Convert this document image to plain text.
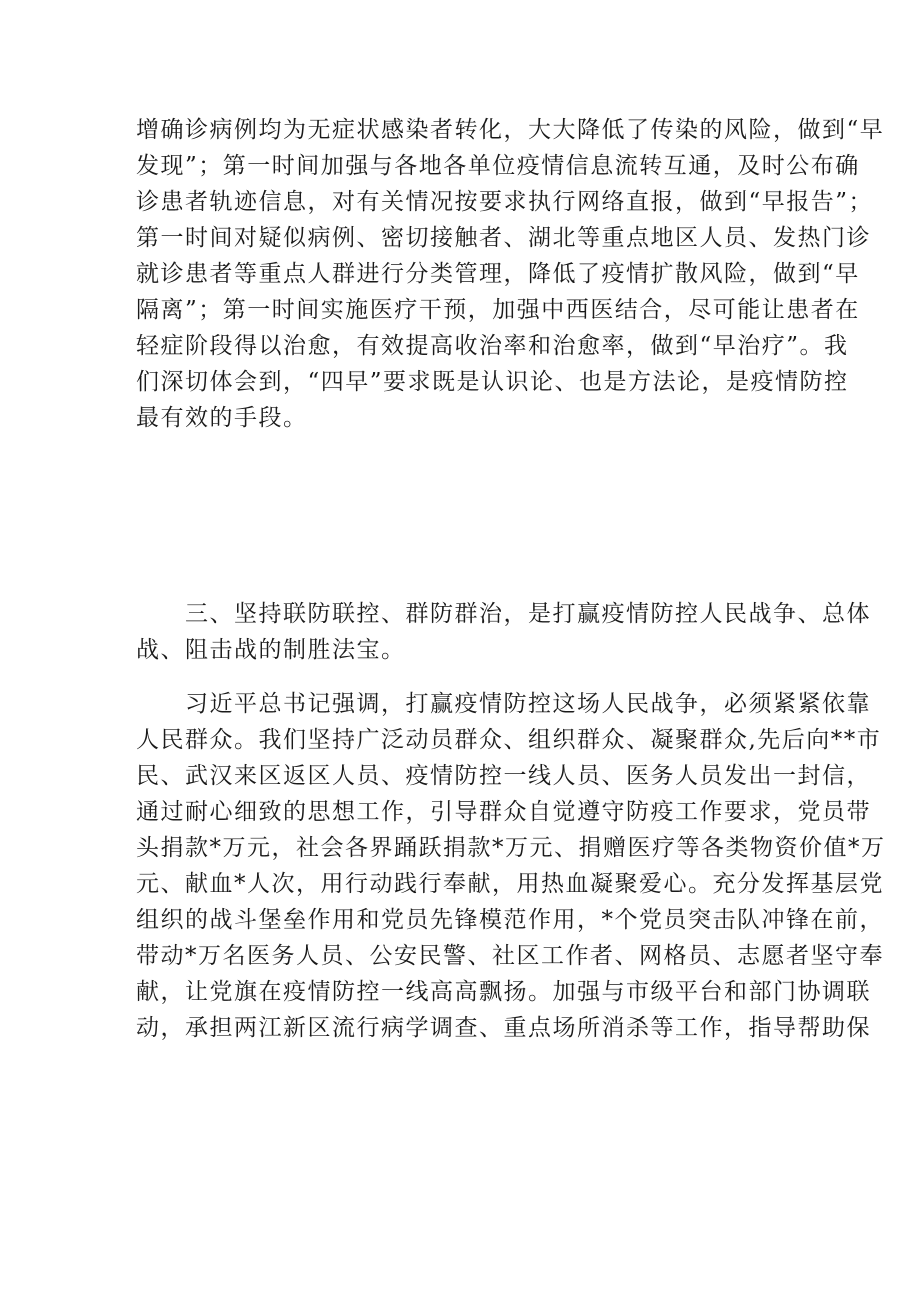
增确诊病例均为无症状感染者转化，大大降低了传染的风险，做到“早
发现”；第一时间加强与各地各单位疫情信息流转互通，及时公布确
诊患者轨迹信息，对有关情况按要求执行网络直报，做到“早报告”；
第一时间对疑似病例、密切接触者、湖北等重点地区人员、发热门诊
就诊患者等重点人群进行分类管理，降低了疫情扩散风险，做到“早
隔离”；第一时间实施医疗干预，加强中西医结合，尽可能让患者在
轻症阶段得以治愈，有效提高收治率和治愈率，做到“早治疗”。我
们深切体会到，“四早”要求既是认识论、也是方法论，是疫情防控
最有效的手段。
　　三、坚持联防联控、群防群治，是打赢疫情防控人民战争、总体
战、阻击战的制胜法宝。
　　习近平总书记强调，打赢疫情防控这场人民战争，必须紧紧依靠
人民群众。我们坚持广泛动员群众、组织群众、凝聚群众,先后向**市
民、武汉来区返区人员、疫情防控一线人员、医务人员发出一封信，
通过耐心细致的思想工作，引导群众自觉遵守防疫工作要求，党员带
头捐款*万元，社会各界踊跃捐款*万元、捐赠医疗等各类物资价值*万
元、献血*人次，用行动践行奉献，用热血凝聚爱心。充分发挥基层党
组织的战斗堡垒作用和党员先锋模范作用，*个党员突击队冲锋在前，
带动*万名医务人员、公安民警、社区工作者、网格员、志愿者坚守奉
献，让党旗在疫情防控一线高高飘扬。加强与市级平台和部门协调联
动，承担两江新区流行病学调查、重点场所消杀等工作，指导帮助保
